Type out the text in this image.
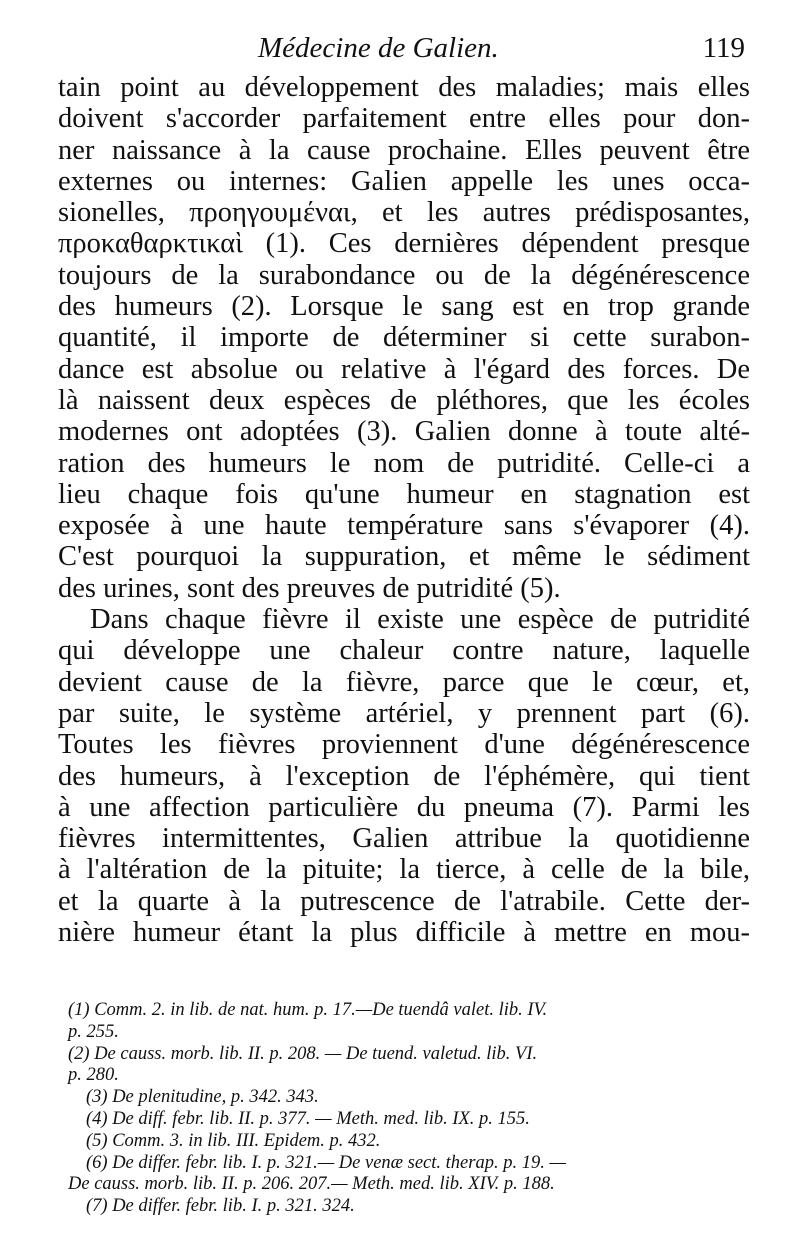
Médecine de Galien.	119
tain point au développement des maladies; mais elles
doivent s'accorder parfaitement entre elles pour don-
ner naissance à la cause prochaine. Elles peuvent être
externes ou internes: Galien appelle les unes occa-
sionelles, προηγουμέναι, et les autres prédisposantes,
προκαθαρκτικαὶ (1). Ces dernières dépendent presque
toujours de la surabondance ou de la dégénérescence
des humeurs (2). Lorsque le sang est en trop grande
quantité, il importe de déterminer si cette surabon-
dance est absolue ou relative à l'égard des forces. De
là naissent deux espèces de pléthores, que les écoles
modernes ont adoptées (3). Galien donne à toute alté-
ration des humeurs le nom de putridité. Celle-ci a
lieu chaque fois qu'une humeur en stagnation est
exposée à une haute température sans s'évaporer (4).
C'est pourquoi la suppuration, et même le sédiment
des urines, sont des preuves de putridité (5).
Dans chaque fièvre il existe une espèce de putridité
qui développe une chaleur contre nature, laquelle
devient cause de la fièvre, parce que le cœur, et,
par suite, le système artériel, y prennent part (6).
Toutes les fièvres proviennent d'une dégénérescence
des humeurs, à l'exception de l'éphémère, qui tient
à une affection particulière du pneuma (7). Parmi les
fièvres intermittentes, Galien attribue la quotidienne
à l'altération de la pituite; la tierce, à celle de la bile,
et la quarte à la putrescence de l'atrabile. Cette der-
nière humeur étant la plus difficile à mettre en mou-
(1) Comm. 2. in lib. de nat. hum. p. 17.—De tuendâ valet. lib. IV.
p. 255.
(2) De causs. morb. lib. II. p. 208. — De tuend. valetud. lib. VI.
p. 280.
(3) De plenitudine, p. 342. 343.
(4) De diff. febr. lib. II. p. 377. — Meth. med. lib. IX. p. 155.
(5) Comm. 3. in lib. III. Epidem. p. 432.
(6) De differ. febr. lib. I. p. 321.— De venæ sect. therap. p. 19. —
De causs. morb. lib. II. p. 206. 207.— Meth. med. lib. XIV. p. 188.
(7) De differ. febr. lib. I. p. 321. 324.
